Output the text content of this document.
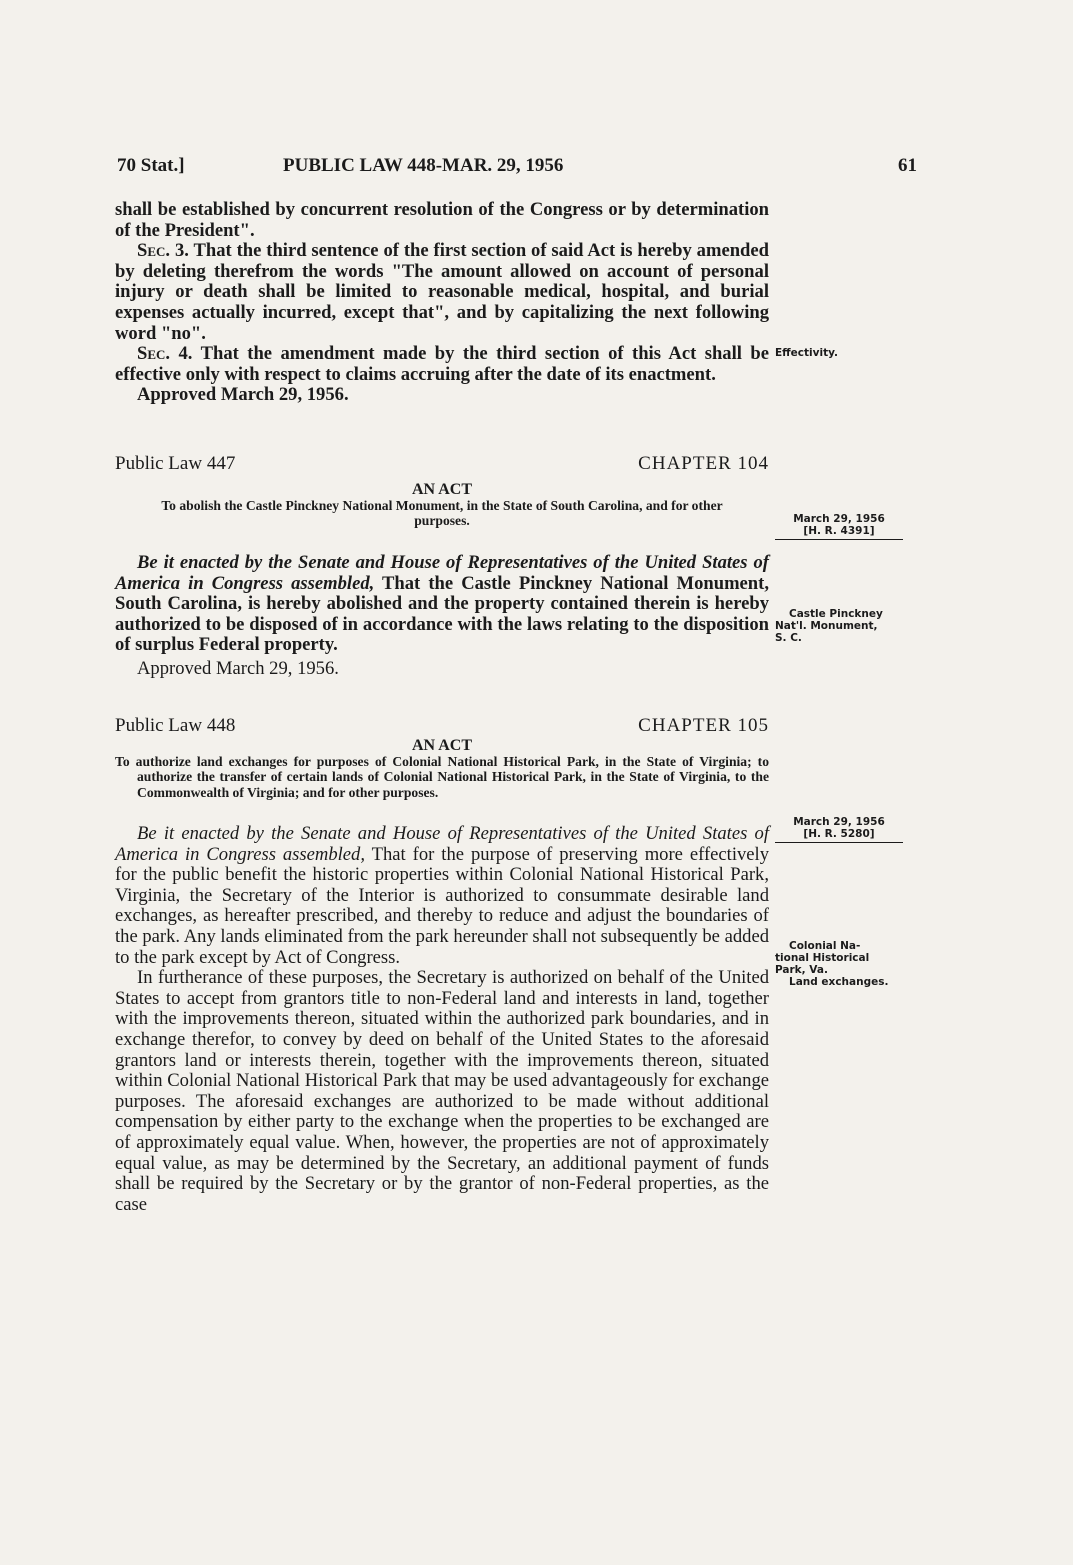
70 Stat.]	PUBLIC LAW 448-MAR. 29, 1956	61

shall be established by concurrent resolution of the Congress or by determination of the President".

Sec. 3. That the third sentence of the first section of said Act is hereby amended by deleting therefrom the words "The amount allowed on account of personal injury or death shall be limited to reasonable medical, hospital, and burial expenses actually incurred, except that", and by capitalizing the next following word "no".

Sec. 4. That the amendment made by the third section of this Act shall be effective only with respect to claims accruing after the date of its enactment.

Approved March 29, 1956.

Public Law 447	CHAPTER 104
AN ACT

To abolish the Castle Pinckney National Monument, in the State of South Carolina, and for other purposes.

Be it enacted by the Senate and House of Representatives of the United States of America in Congress assembled, That the Castle Pinckney National Monument, South Carolina, is hereby abolished and the property contained therein is hereby authorized to be disposed of in accordance with the laws relating to the disposition of surplus Federal property.

Approved March 29, 1956.

Public Law 448	CHAPTER 105
AN ACT

To authorize land exchanges for purposes of Colonial National Historical Park, in the State of Virginia; to authorize the transfer of certain lands of Colonial National Historical Park, in the State of Virginia, to the Commonwealth of Virginia; and for other purposes.

Be it enacted by the Senate and House of Representatives of the United States of America in Congress assembled, That for the purpose of preserving more effectively for the public benefit the historic properties within Colonial National Historical Park, Virginia, the Secretary of the Interior is authorized to consummate desirable land exchanges, as hereafter prescribed, and thereby to reduce and adjust the boundaries of the park. Any lands eliminated from the park hereunder shall not subsequently be added to the park except by Act of Congress.

In furtherance of these purposes, the Secretary is authorized on behalf of the United States to accept from grantors title to non-Federal land and interests in land, together with the improvements thereon, situated within the authorized park boundaries, and in exchange therefor, to convey by deed on behalf of the United States to the aforesaid grantors land or interests therein, together with the improvements thereon, situated within Colonial National Historical Park that may be used advantageously for exchange purposes. The aforesaid exchanges are authorized to be made without additional compensation by either party to the exchange when the properties to be exchanged are of approximately equal value. When, however, the properties are not of approximately equal value, as may be determined by the Secretary, an additional payment of funds shall be required by the Secretary or by the grantor of non-Federal properties, as the case

Effectivity.
March 29, 1956
[H. R. 4391]
Castle Pinckney
Nat'l. Monument,
S. C.
March 29, 1956
[H. R. 5280]
Colonial Na-
tional Historical
Park, Va.
Land exchanges.
